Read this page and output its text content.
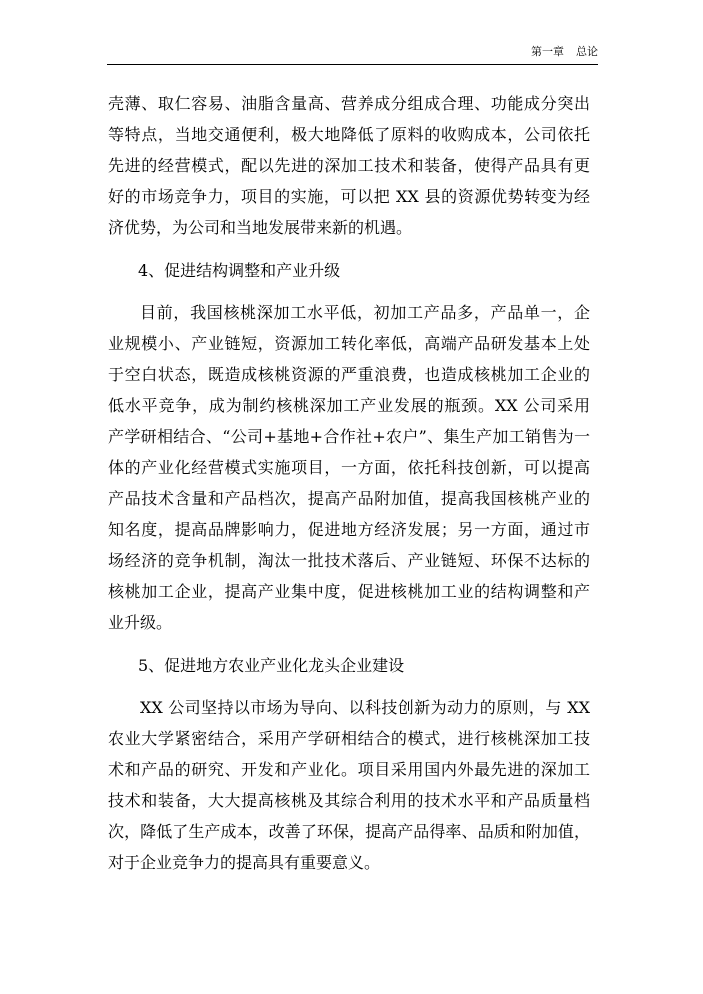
第一章 总论
壳薄、取仁容易、油脂含量高、营养成分组成合理、功能成分突出
等特点，当地交通便利，极大地降低了原料的收购成本，公司依托
先进的经营模式，配以先进的深加工技术和装备，使得产品具有更
好的市场竞争力，项目的实施，可以把 XX 县的资源优势转变为经
济优势，为公司和当地发展带来新的机遇。
4、促进结构调整和产业升级
目前，我国核桃深加工水平低，初加工产品多，产品单一，企
业规模小、产业链短，资源加工转化率低，高端产品研发基本上处
于空白状态，既造成核桃资源的严重浪费，也造成核桃加工企业的
低水平竞争，成为制约核桃深加工产业发展的瓶颈。XX 公司采用
产学研相结合、“公司+基地+合作社+农户”、集生产加工销售为一
体的产业化经营模式实施项目，一方面，依托科技创新，可以提高
产品技术含量和产品档次，提高产品附加值，提高我国核桃产业的
知名度，提高品牌影响力，促进地方经济发展；另一方面，通过市
场经济的竞争机制，淘汰一批技术落后、产业链短、环保不达标的
核桃加工企业，提高产业集中度，促进核桃加工业的结构调整和产
业升级。
5、促进地方农业产业化龙头企业建设
XX 公司坚持以市场为导向、以科技创新为动力的原则，与 XX
农业大学紧密结合，采用产学研相结合的模式，进行核桃深加工技
术和产品的研究、开发和产业化。项目采用国内外最先进的深加工
技术和装备，大大提高核桃及其综合利用的技术水平和产品质量档
次，降低了生产成本，改善了环保，提高产品得率、品质和附加值，
对于企业竞争力的提高具有重要意义。
